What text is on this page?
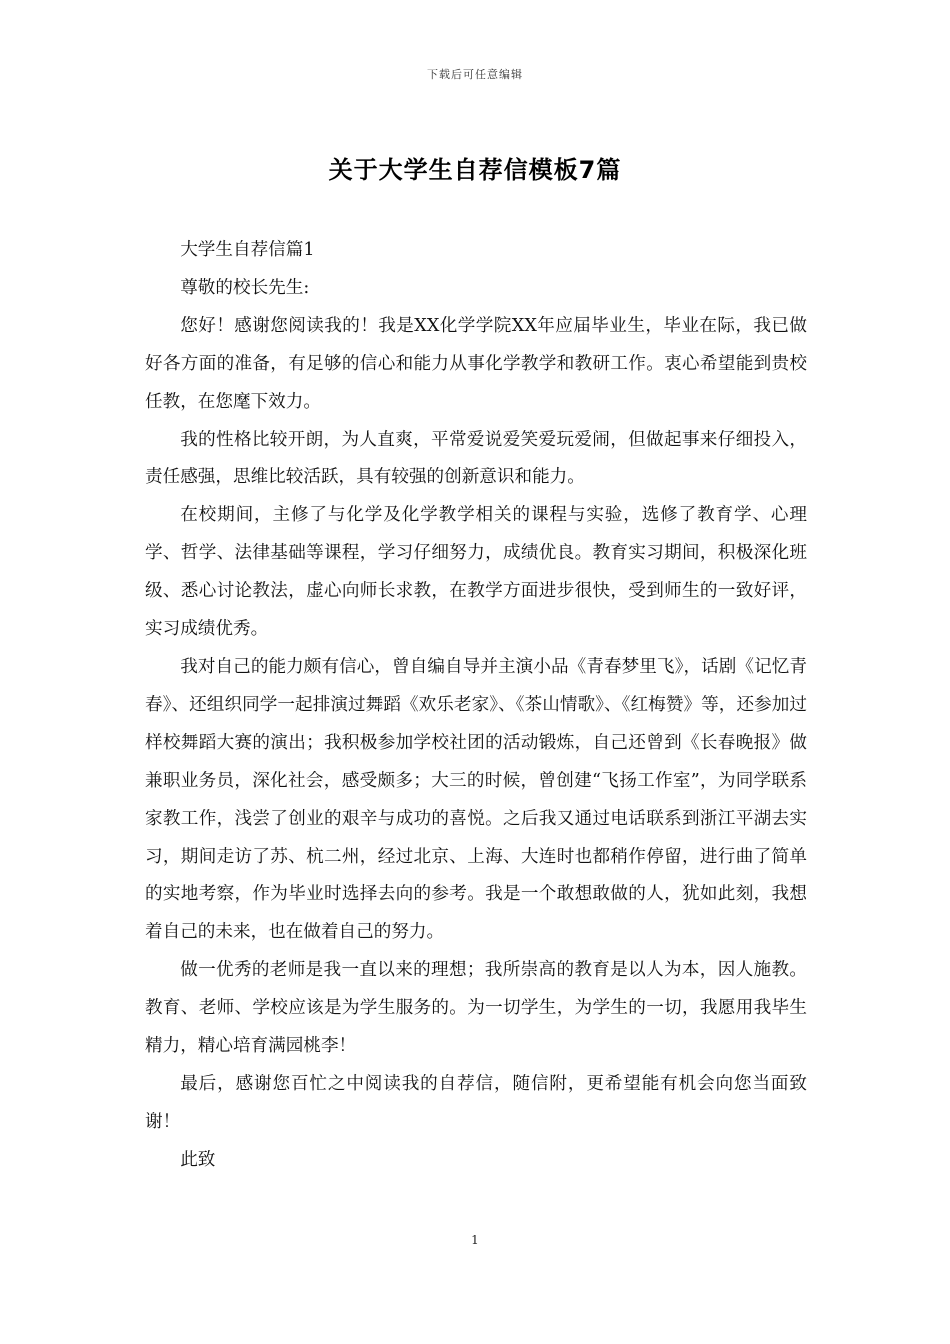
下载后可任意编辑
关于大学生自荐信模板7篇

大学生自荐信篇1

尊敬的校长先生:

您好！感谢您阅读我的！我是XX化学学院XX年应届毕业生，毕业在际，我已做好各方面的准备，有足够的信心和能力从事化学教学和教研工作。衷心希望能到贵校任教，在您麾下效力。

我的性格比较开朗，为人直爽，平常爱说爱笑爱玩爱闹，但做起事来仔细投入，责任感强，思维比较活跃，具有较强的创新意识和能力。

在校期间，主修了与化学及化学教学相关的课程与实验，选修了教育学、心理学、哲学、法律基础等课程，学习仔细努力，成绩优良。教育实习期间，积极深化班级、悉心讨论教法，虚心向师长求教，在教学方面进步很快，受到师生的一致好评，实习成绩优秀。

我对自己的能力颇有信心，曾自编自导并主演小品《青春梦里飞》，话剧《记忆青春》、还组织同学一起排演过舞蹈《欢乐老家》、《茶山情歌》、《红梅赞》等，还参加过样校舞蹈大赛的演出；我积极参加学校社团的活动锻炼，自己还曾到《长春晚报》做兼职业务员，深化社会，感受颇多；大三的时候，曾创建“飞扬工作室”，为同学联系家教工作，浅尝了创业的艰辛与成功的喜悦。之后我又通过电话联系到浙江平湖去实习，期间走访了苏、杭二州，经过北京、上海、大连时也都稍作停留，进行曲了简单的实地考察，作为毕业时选择去向的参考。我是一个敢想敢做的人，犹如此刻，我想着自己的未来，也在做着自己的努力。

做一优秀的老师是我一直以来的理想；我所崇高的教育是以人为本，因人施教。教育、老师、学校应该是为学生服务的。为一切学生，为学生的一切，我愿用我毕生精力，精心培育满园桃李！

最后，感谢您百忙之中阅读我的自荐信，随信附，更希望能有机会向您当面致谢！

此致

1
